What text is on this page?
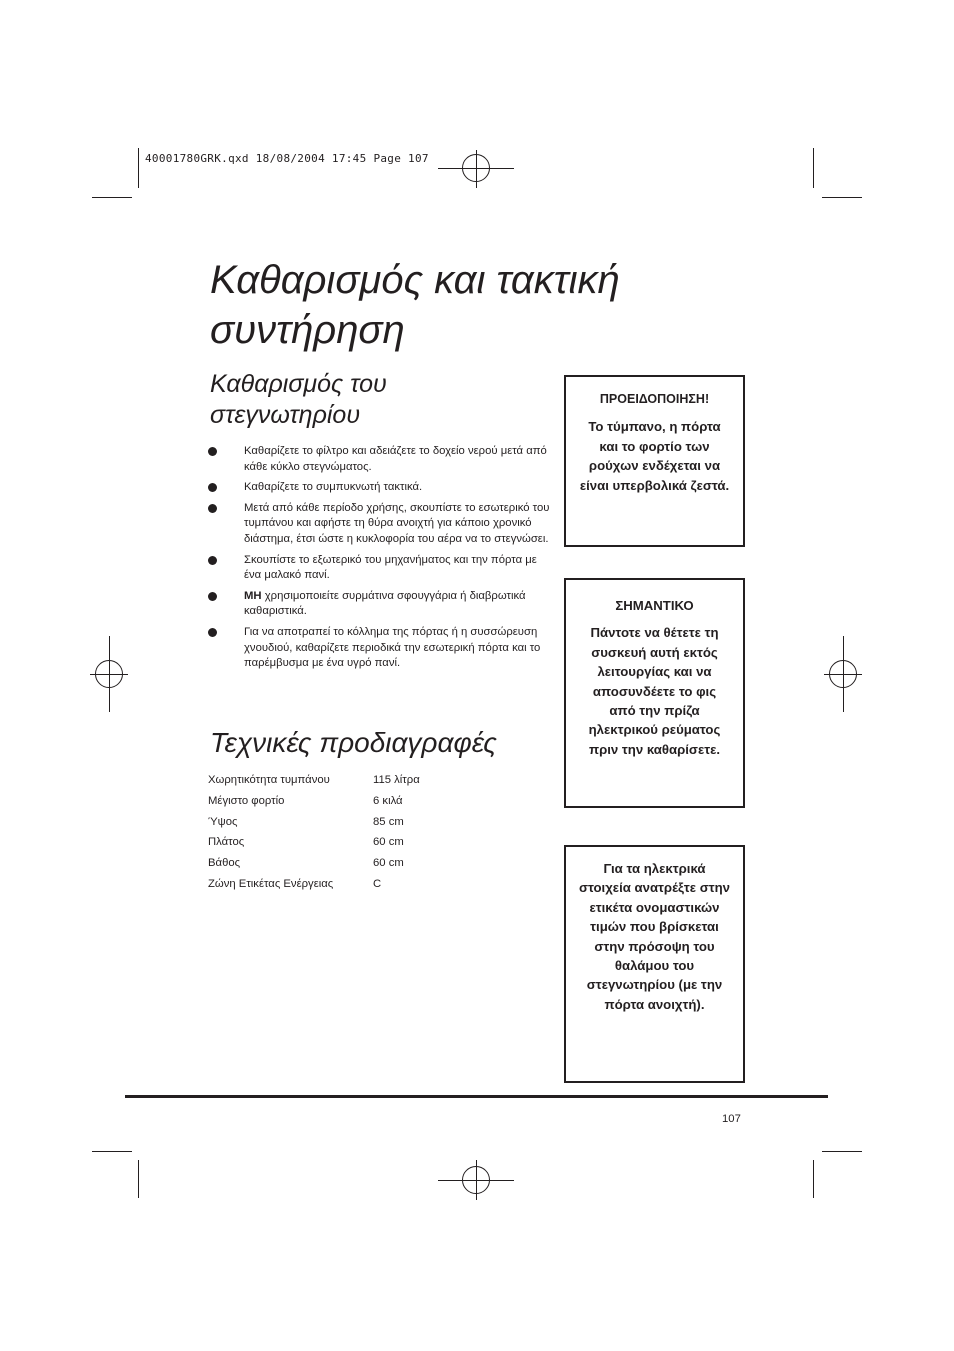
40001780GRK.qxd 18/08/2004 17:45 Page 107
Καθαρισμός και τακτική συντήρηση
Καθαρισμός του στεγνωτηρίου
Καθαρίζετε το φίλτρο και αδειάζετε το δοχείο νερού μετά από κάθε κύκλο στεγνώματος.
Καθαρίζετε το συμπυκνωτή τακτικά.
Μετά από κάθε περίοδο χρήσης, σκουπίστε το εσωτερικό του τυμπάνου και αφήστε τη θύρα ανοιχτή για κάποιο χρονικό διάστημα, έτσι ώστε η κυκλοφορία του αέρα να το στεγνώσει.
Σκουπίστε το εξωτερικό του μηχανήματος και την πόρτα με ένα μαλακό πανί.
ΜΗ χρησιμοποιείτε συρμάτινα σφουγγάρια ή διαβρωτικά καθαριστικά.
Για να αποτραπεί το κόλλημα της πόρτας ή η συσσώρευση χνουδιού, καθαρίζετε περιοδικά την εσωτερική πόρτα και το παρέμβυσμα με ένα υγρό πανί.
Τεχνικές προδιαγραφές
Χωρητικότητα τυμπάνου	115 λίτρα
Μέγιστο φορτίο	6 κιλά
Ύψος	85 cm
Πλάτος	60 cm
Βάθος	60 cm
Ζώνη Ετικέτας Ενέργειας	C
ΠΡΟΕΙΔΟΠΟΙΗΣΗ!
Το τύμπανο, η πόρτα και το φορτίο των ρούχων ενδέχεται να είναι υπερβολικά ζεστά.
ΣΗΜΑΝΤΙΚΟ
Πάντοτε να θέτετε τη συσκευή αυτή εκτός λειτουργίας και να αποσυνδέετε το φις από την πρίζα ηλεκτρικού ρεύματος πριν την καθαρίσετε.
Για τα ηλεκτρικά στοιχεία ανατρέξτε στην ετικέτα ονομαστικών τιμών που βρίσκεται στην πρόσοψη του θαλάμου του στεγνωτηρίου (με την πόρτα ανοιχτή).
107
